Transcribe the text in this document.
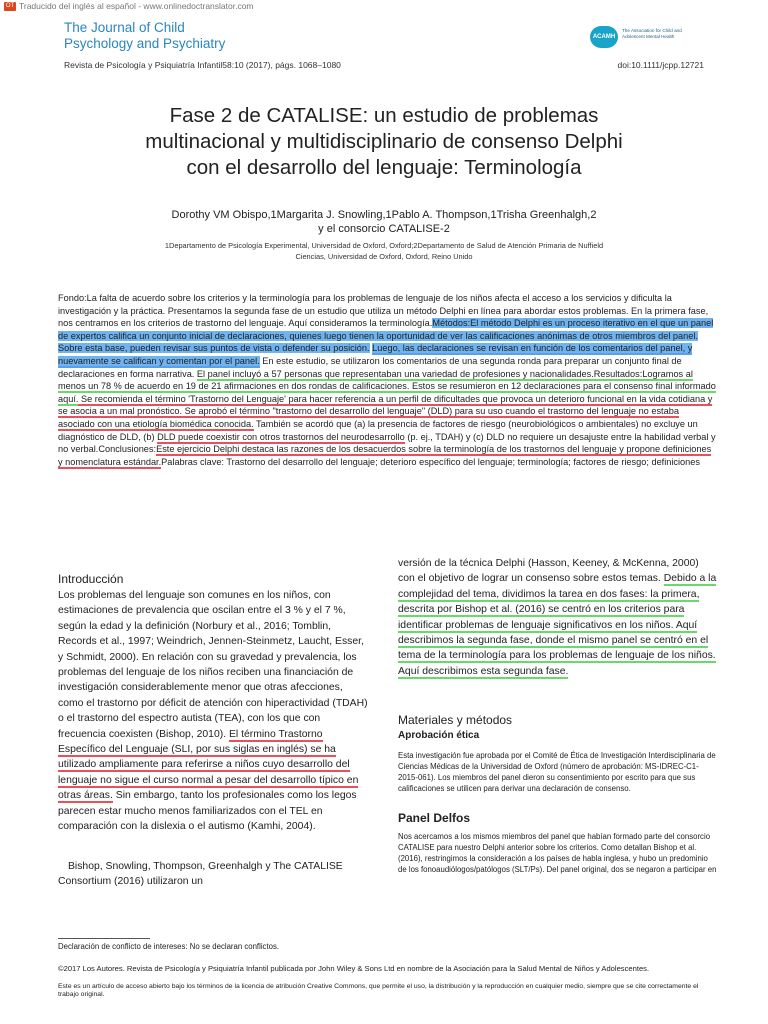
OT Traducido del inglés al español - www.onlinedoctranslator.com
The Journal of Child
Psychology and Psychiatry	ACAMH
The Association for Child and Adolescent Mental Health
Revista de Psicología y Psiquiatría Infantil58:10 (2017), págs. 1068–1080	doi:10.1111/jcpp.12721
Fase 2 de CATALISE: un estudio de problemas
multinacional y multidisciplinario de consenso Delphi
con el desarrollo del lenguaje: Terminología
Dorothy VM Obispo,1Margarita J. Snowling,1Pablo A. Thompson,1Trisha Greenhalgh,2
y el consorcio CATALISE-2
1Departamento de Psicología Experimental, Universidad de Oxford, Oxford;2Departamento de Salud de Atención Primaria de Nuffield
Ciencias, Universidad de Oxford, Oxford, Reino Unido

Fondo:La falta de acuerdo sobre los criterios y la terminología para los problemas de lenguaje de los niños afecta el acceso a los servicios y dificulta la investigación y la práctica. Presentamos la segunda fase de un estudio que utiliza un método Delphi en línea para abordar estos problemas. En la primera fase, nos centramos en los criterios de trastorno del lenguaje. Aquí consideramos la terminología.Métodos:El método Delphi es un proceso iterativo en el que un panel de expertos califica un conjunto inicial de declaraciones, quienes luego tienen la oportunidad de ver las calificaciones anónimas de otros miembros del panel. Sobre esta base, pueden revisar sus puntos de vista o defender su posición. Luego, las declaraciones se revisan en función de los comentarios del panel, y nuevamente se califican y comentan por el panel. En este estudio, se utilizaron los comentarios de una segunda ronda para preparar un conjunto final de declaraciones en forma narrativa. El panel incluyó a 57 personas que representaban una variedad de profesiones y nacionalidades.Resultados:Logramos al menos un 78 % de acuerdo en 19 de 21 afirmaciones en dos rondas de calificaciones. Estos se resumieron en 12 declaraciones para el consenso final informado aquí. Se recomienda el término 'Trastorno del Lenguaje' para hacer referencia a un perfil de dificultades que provoca un deterioro funcional en la vida cotidiana y se asocia a un mal pronóstico. Se aprobó el término "trastorno del desarrollo del lenguaje" (DLD) para su uso cuando el trastorno del lenguaje no estaba asociado con una etiología biomédica conocida. También se acordó que (a) la presencia de factores de riesgo (neurobiológicos o ambientales) no excluye un diagnóstico de DLD, (b) DLD puede coexistir con otros trastornos del neurodesarrollo (p. ej., TDAH) y (c) DLD no requiere un desajuste entre la habilidad verbal y no verbal.Conclusiones:Este ejercicio Delphi destaca las razones de los desacuerdos sobre la terminología de los trastornos del lenguaje y propone definiciones y nomenclatura estándar.Palabras clave: Trastorno del desarrollo del lenguaje; deterioro específico del lenguaje; terminología; factores de riesgo; definiciones

Introducción

Los problemas del lenguaje son comunes en los niños, con estimaciones de prevalencia que oscilan entre el 3 % y el 7 %, según la edad y la definición (Norbury et al., 2016; Tomblin, Records et al., 1997; Weindrich, Jennen-Steinmetz, Laucht, Esser, y Schmidt, 2000). En relación con su gravedad y prevalencia, los problemas del lenguaje de los niños reciben una financiación de investigación considerablemente menor que otras afecciones, como el trastorno por déficit de atención con hiperactividad (TDAH) o el trastorno del espectro autista (TEA), con los que con frecuencia coexisten (Bishop, 2010). El término Trastorno Específico del Lenguaje (SLI, por sus siglas en inglés) se ha utilizado ampliamente para referirse a niños cuyo desarrollo del lenguaje no sigue el curso normal a pesar del desarrollo típico en otras áreas. Sin embargo, tanto los profesionales como los legos parecen estar mucho menos familiarizados con el TEL en comparación con la dislexia o el autismo (Kamhi, 2004).

Bishop, Snowling, Thompson, Greenhalgh y The CATALISE Consortium (2016) utilizaron un

versión de la técnica Delphi (Hasson, Keeney, & McKenna, 2000) con el objetivo de lograr un consenso sobre estos temas. Debido a la complejidad del tema, dividimos la tarea en dos fases: la primera, descrita por Bishop et al. (2016) se centró en los criterios para identificar problemas de lenguaje significativos en los niños. Aquí describimos la segunda fase, donde el mismo panel se centró en el tema de la terminología para los problemas de lenguaje de los niños. Aquí describimos esta segunda fase.

Materiales y métodos
Aprobación ética

Esta investigación fue aprobada por el Comité de Ética de Investigación Interdisciplinaria de Ciencias Médicas de la Universidad de Oxford (número de aprobación: MS-IDREC-C1-2015-061). Los miembros del panel dieron su consentimiento por escrito para que sus calificaciones se utilicen para derivar una declaración de consenso.

Panel Delfos

Nos acercamos a los mismos miembros del panel que habían formado parte del consorcio CATALISE para nuestro Delphi anterior sobre los criterios. Como detallan Bishop et al. (2016), restringimos la consideración a los países de habla inglesa, y hubo un predominio de los fonoaudiólogos/patólogos (SLT/Ps). Del panel original, dos se negaron a participar en

Declaración de conflicto de intereses: No se declaran conflictos.
©2017 Los Autores. Revista de Psicología y Psiquiatría Infantil publicada por John Wiley & Sons Ltd en nombre de la Asociación para la Salud Mental de Niños y Adolescentes.
Este es un artículo de acceso abierto bajo los términos de la licencia de atribución Creative Commons, que permite el uso, la distribución y la reproducción en cualquier medio, siempre que se cite correctamente el trabajo original.
